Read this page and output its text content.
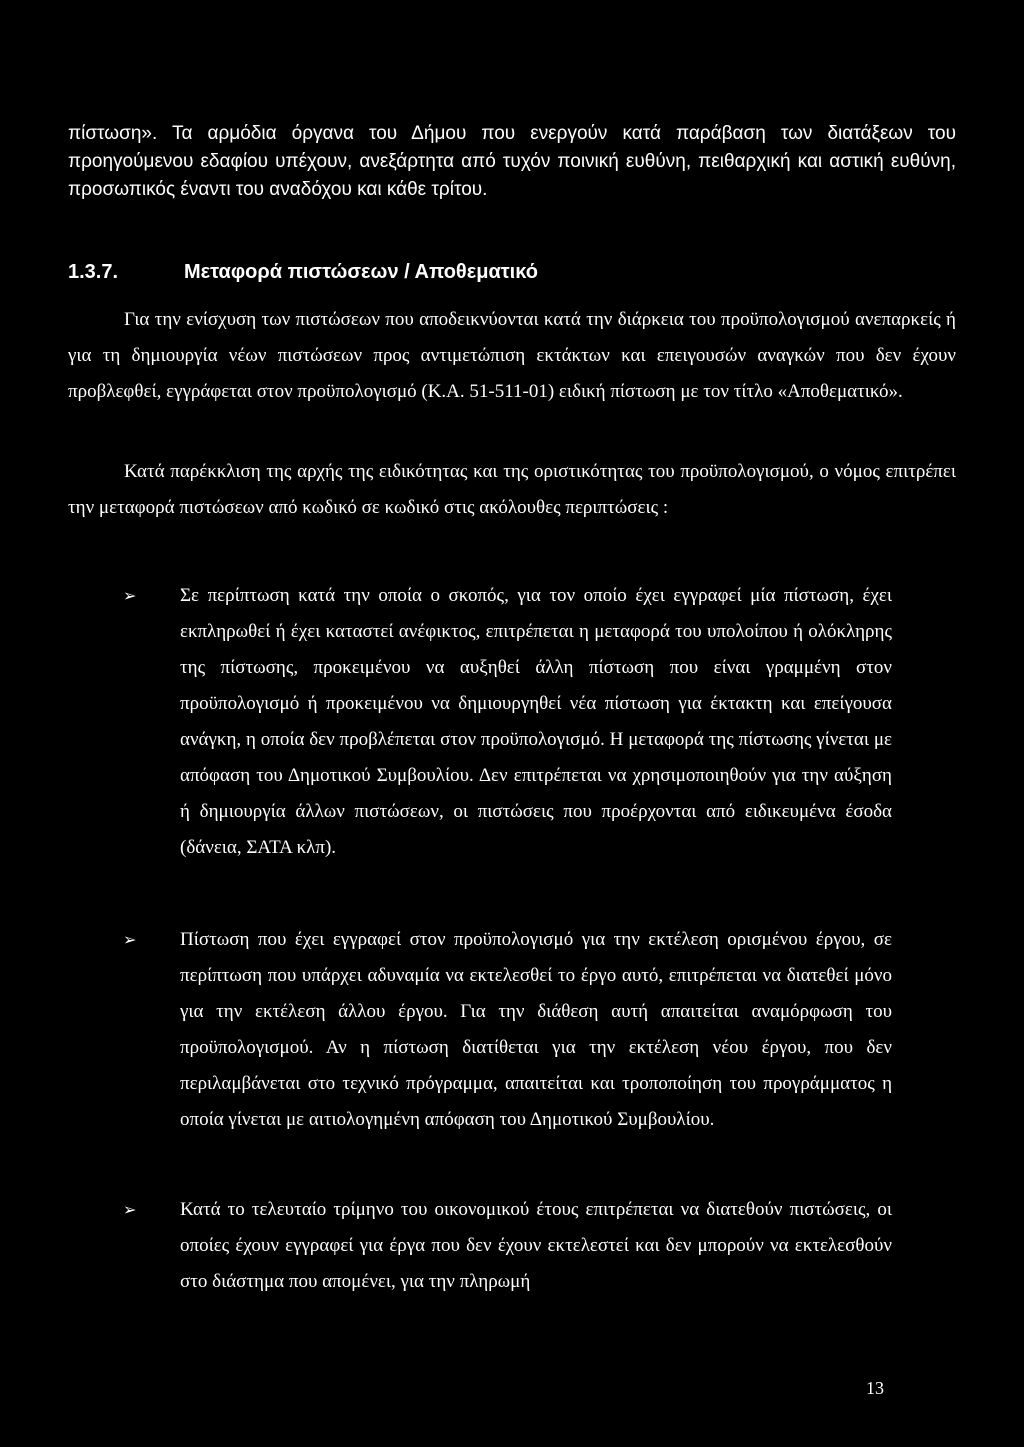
πίστωση». Τα αρμόδια όργανα του Δήμου που ενεργούν κατά παράβαση των διατάξεων του προηγούμενου εδαφίου υπέχουν, ανεξάρτητα από τυχόν ποινική ευθύνη, πειθαρχική και αστική ευθύνη, προσωπικός έναντι του αναδόχου και κάθε τρίτου.

1.3.7.	Μεταφορά πιστώσεων / Αποθεματικό

Για την ενίσχυση των πιστώσεων που αποδεικνύονται κατά την διάρκεια του προϋπολογισμού ανεπαρκείς ή για τη δημιουργία νέων πιστώσεων προς αντιμετώπιση εκτάκτων και επειγουσών αναγκών που δεν έχουν προβλεφθεί, εγγράφεται στον προϋπολογισμό (Κ.Α. 51-511-01) ειδική πίστωση με τον τίτλο «Αποθεματικό».

Κατά παρέκκλιση της αρχής της ειδικότητας και της οριστικότητας του προϋπολογισμού, ο νόμος επιτρέπει την μεταφορά πιστώσεων από κωδικό σε κωδικό στις ακόλουθες περιπτώσεις :

➢ Σε περίπτωση κατά την οποία ο σκοπός, για τον οποίο έχει εγγραφεί μία πίστωση, έχει εκπληρωθεί ή έχει καταστεί ανέφικτος, επιτρέπεται η μεταφορά του υπολοίπου ή ολόκληρης της πίστωσης, προκειμένου να αυξηθεί άλλη πίστωση που είναι γραμμένη στον προϋπολογισμό ή προκειμένου να δημιουργηθεί νέα πίστωση για έκτακτη και επείγουσα ανάγκη, η οποία δεν προβλέπεται στον προϋπολογισμό. Η μεταφορά της πίστωσης γίνεται με απόφαση του Δημοτικού Συμβουλίου. Δεν επιτρέπεται να χρησιμοποιηθούν για την αύξηση ή δημιουργία άλλων πιστώσεων, οι πιστώσεις που προέρχονται από ειδικευμένα έσοδα (δάνεια, ΣΑΤΑ κλπ).

➢ Πίστωση που έχει εγγραφεί στον προϋπολογισμό για την εκτέλεση ορισμένου έργου, σε περίπτωση που υπάρχει αδυναμία να εκτελεσθεί το έργο αυτό, επιτρέπεται να διατεθεί μόνο για την εκτέλεση άλλου έργου. Για την διάθεση αυτή απαιτείται αναμόρφωση του προϋπολογισμού. Αν η πίστωση διατίθεται για την εκτέλεση νέου έργου, που δεν περιλαμβάνεται στο τεχνικό πρόγραμμα, απαιτείται και τροποποίηση του προγράμματος η οποία γίνεται με αιτιολογημένη απόφαση του Δημοτικού Συμβουλίου.

➢ Κατά το τελευταίο τρίμηνο του οικονομικού έτους επιτρέπεται να διατεθούν πιστώσεις, οι οποίες έχουν εγγραφεί για έργα που δεν έχουν εκτελεστεί και δεν μπορούν να εκτελεσθούν στο διάστημα που απομένει, για την πληρωμή

13
